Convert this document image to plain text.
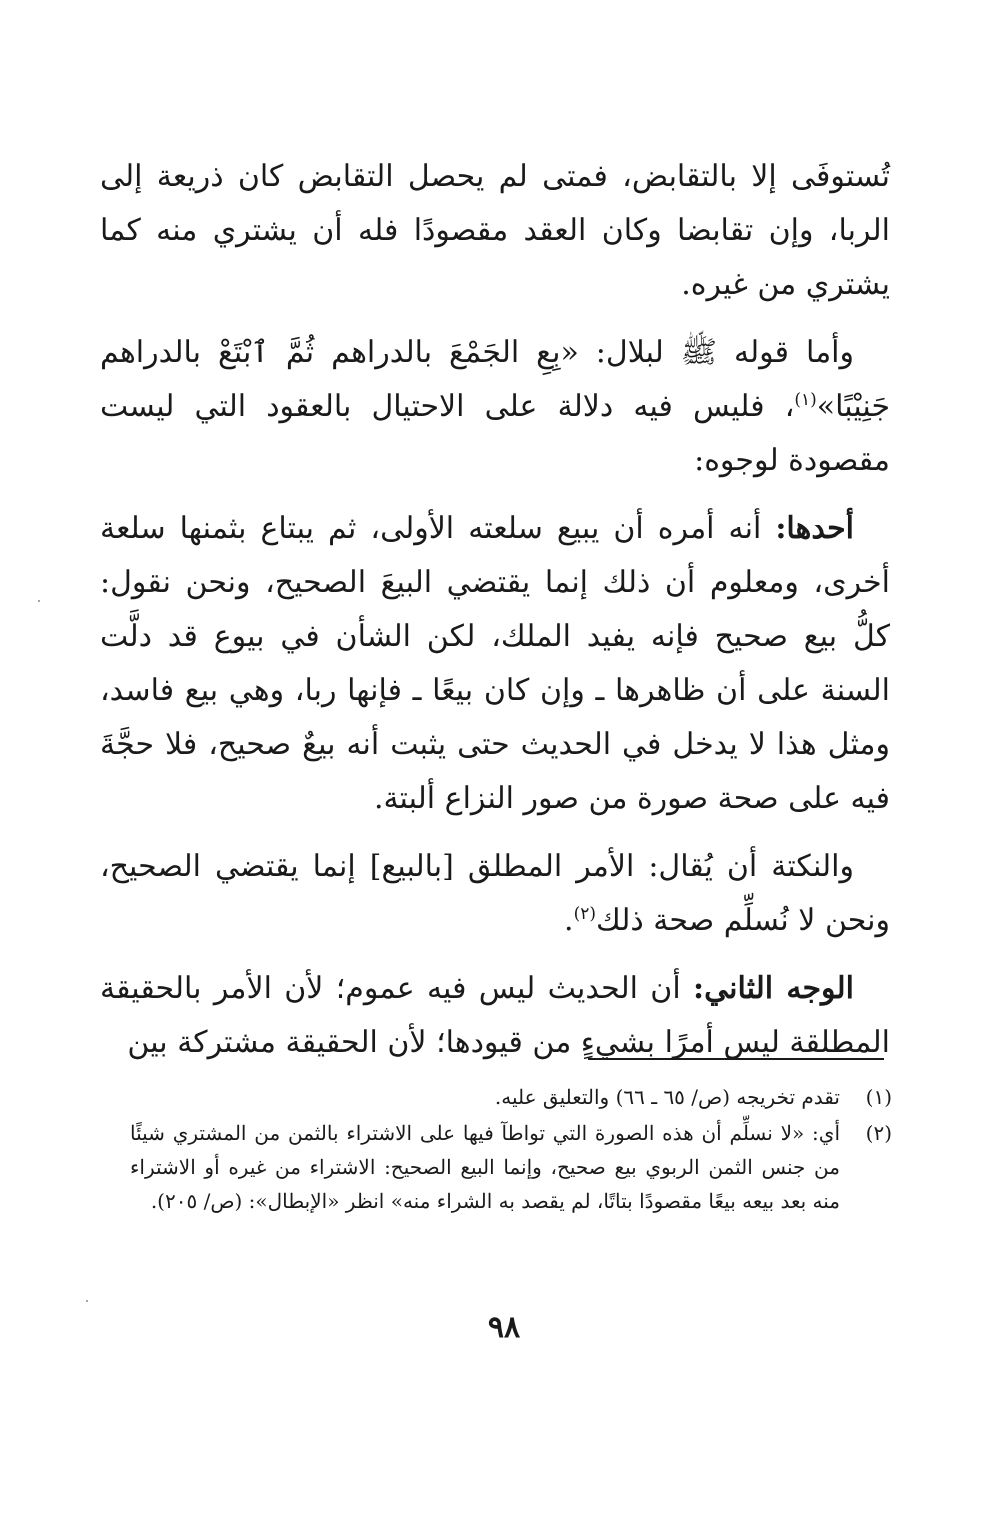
تُستوفَى إلا بالتقابض، فمتى لم يحصل التقابض كان ذريعة إلى الربا، وإن تقابضا وكان العقد مقصودًا فله أن يشتري منه كما يشتري من غيره.

وأما قوله ﷺ لبلال: «بِعِ الجَمْعَ بالدراهم ثُمَّ ٱبْتَعْ بالدراهم جَنِيْبًا»$^{(١)}$، فليس فيه دلالة على الاحتيال بالعقود التي ليست مقصودة لوجوه:

أحدها: أنه أمره أن يبيع سلعته الأولى، ثم يبتاع بثمنها سلعة أخرى، ومعلوم أن ذلك إنما يقتضي البيعَ الصحيح، ونحن نقول: كلُّ بيع صحيح فإنه يفيد الملك، لكن الشأن في بيوع قد دلَّت السنة على أن ظاهرها ـ وإن كان بيعًا ـ فإنها ربا، وهي بيع فاسد، ومثل هذا لا يدخل في الحديث حتى يثبت أنه بيعٌ صحيح، فلا حجَّةَ فيه على صحة صورة من صور النزاع ألبتة.

والنكتة أن يُقال: الأمر المطلق [بالبيع] إنما يقتضي الصحيح، ونحن لا نُسلِّم صحة ذلك$^{(٢)}$.

الوجه الثاني: أن الحديث ليس فيه عموم؛ لأن الأمر بالحقيقة المطلقة ليس أمرًا بشيءٍ من قيودها؛ لأن الحقيقة مشتركة بين

(١)
تقدم تخريجه (ص/ ٦٥ ـ ٦٦) والتعليق عليه.
(٢)
أي: «لا نسلِّم أن هذه الصورة التي تواطآ فيها على الاشتراء بالثمن من المشتري شيئًا من جنس الثمن الربوي بيع صحيح، وإنما البيع الصحيح: الاشتراء من غيره أو الاشتراء منه بعد بيعه بيعًا مقصودًا بتاتًا، لم يقصد به الشراء منه» انظر «الإبطال»: (ص/ ٢٠٥).
٩٨
